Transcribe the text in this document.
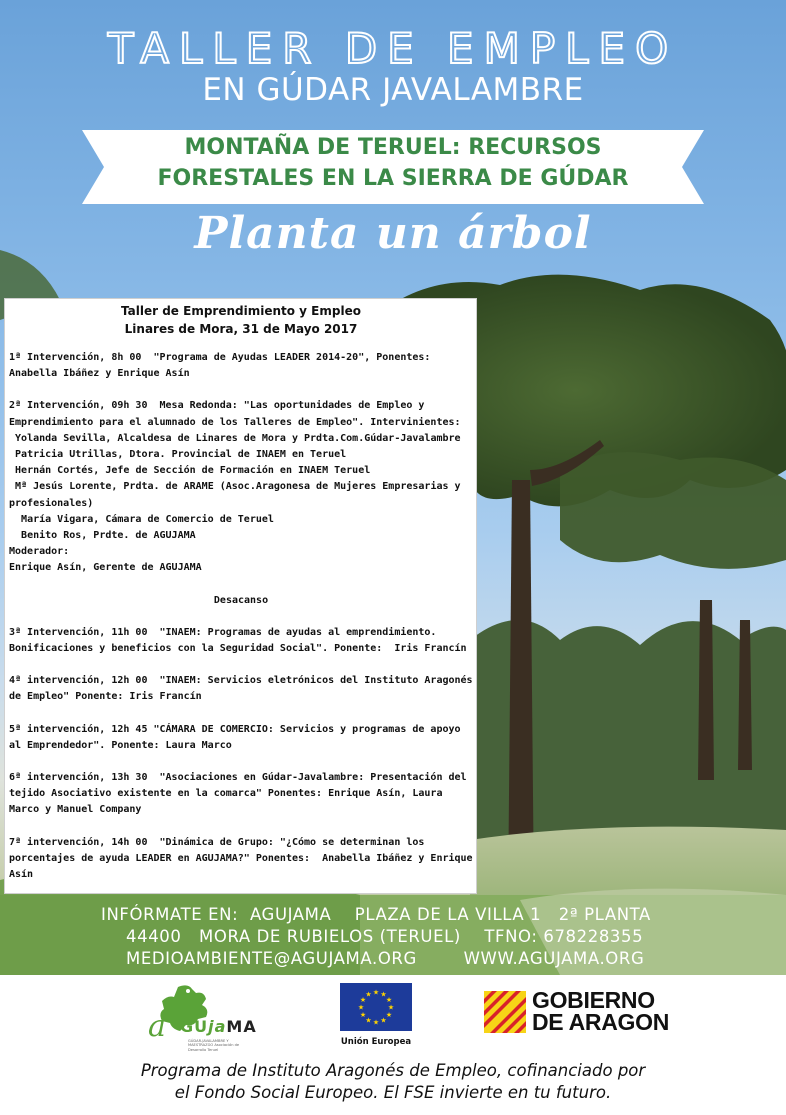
TALLER DE EMPLEO
EN GÚDAR JAVALAMBRE
MONTAÑA DE TERUEL: RECURSOS
FORESTALES EN LA SIERRA DE GÚDAR
Planta un árbol
Taller de Emprendimiento y Empleo
Linares de Mora, 31 de Mayo 2017
1ª Intervención, 8h 00  "Programa de Ayudas LEADER 2014-20", Ponentes: Anabella Ibáñez y Enrique Asín
2ª Intervención, 09h 30  Mesa Redonda: "Las oportunidades de Empleo y Emprendimiento para el alumnado de los Talleres de Empleo". Intervinientes:
Yolanda Sevilla, Alcaldesa de Linares de Mora y Prdta.Com.Gúdar-Javalambre
Patricia Utrillas, Dtora. Provincial de INAEM en Teruel
Hernán Cortés, Jefe de Sección de Formación en INAEM Teruel
Mª Jesús Lorente, Prdta. de ARAME (Asoc.Aragonesa de Mujeres Empresarias y profesionales)
María Vigara, Cámara de Comercio de Teruel
Benito Ros, Prdte. de AGUJAMA
Moderador:
Enrique Asín, Gerente de AGUJAMA
Desacanso
3ª Intervención, 11h 00  "INAEM: Programas de ayudas al emprendimiento. Bonificaciones y beneficios con la Seguridad Social". Ponente:  Iris Francín
4ª intervención, 12h 00  "INAEM: Servicios eletrónicos del Instituto Aragonés de Empleo" Ponente: Iris Francín
5ª intervención, 12h 45 "CÁMARA DE COMERCIO: Servicios y programas de apoyo al Emprendedor". Ponente: Laura Marco
6ª intervención, 13h 30  "Asociaciones en Gúdar-Javalambre: Presentación del tejido Asociativo existente en la comarca" Ponentes: Enrique Asín, Laura Marco y Manuel Company
7ª intervención, 14h 00  "Dinámica de Grupo: "¿Cómo se determinan los porcentajes de ayuda LEADER en AGUJAMA?" Ponentes:  Anabella Ibáñez y Enrique Asín
INFÓRMATE EN:  AGUJAMA    PLAZA DE LA VILLA 1   2ª PLANTA
44400   MORA DE RUBIELOS (TERUEL)    TFNO: 678228355
MEDIOAMBIENTE@AGUJAMA.ORG        WWW.AGUJAMA.ORG
a GUjaMA
GÚDAR-JAVALAMBRE Y MAESTRAZGO Asociación de Desarrollo Teruel
★
★
★
★
★
★
★
★
★ ★ ★
★
Unión Europea
GOBIERNO
DE ARAGON
Programa de Instituto Aragonés de Empleo, cofinanciado por
el Fondo Social Europeo. El FSE invierte en tu futuro.
